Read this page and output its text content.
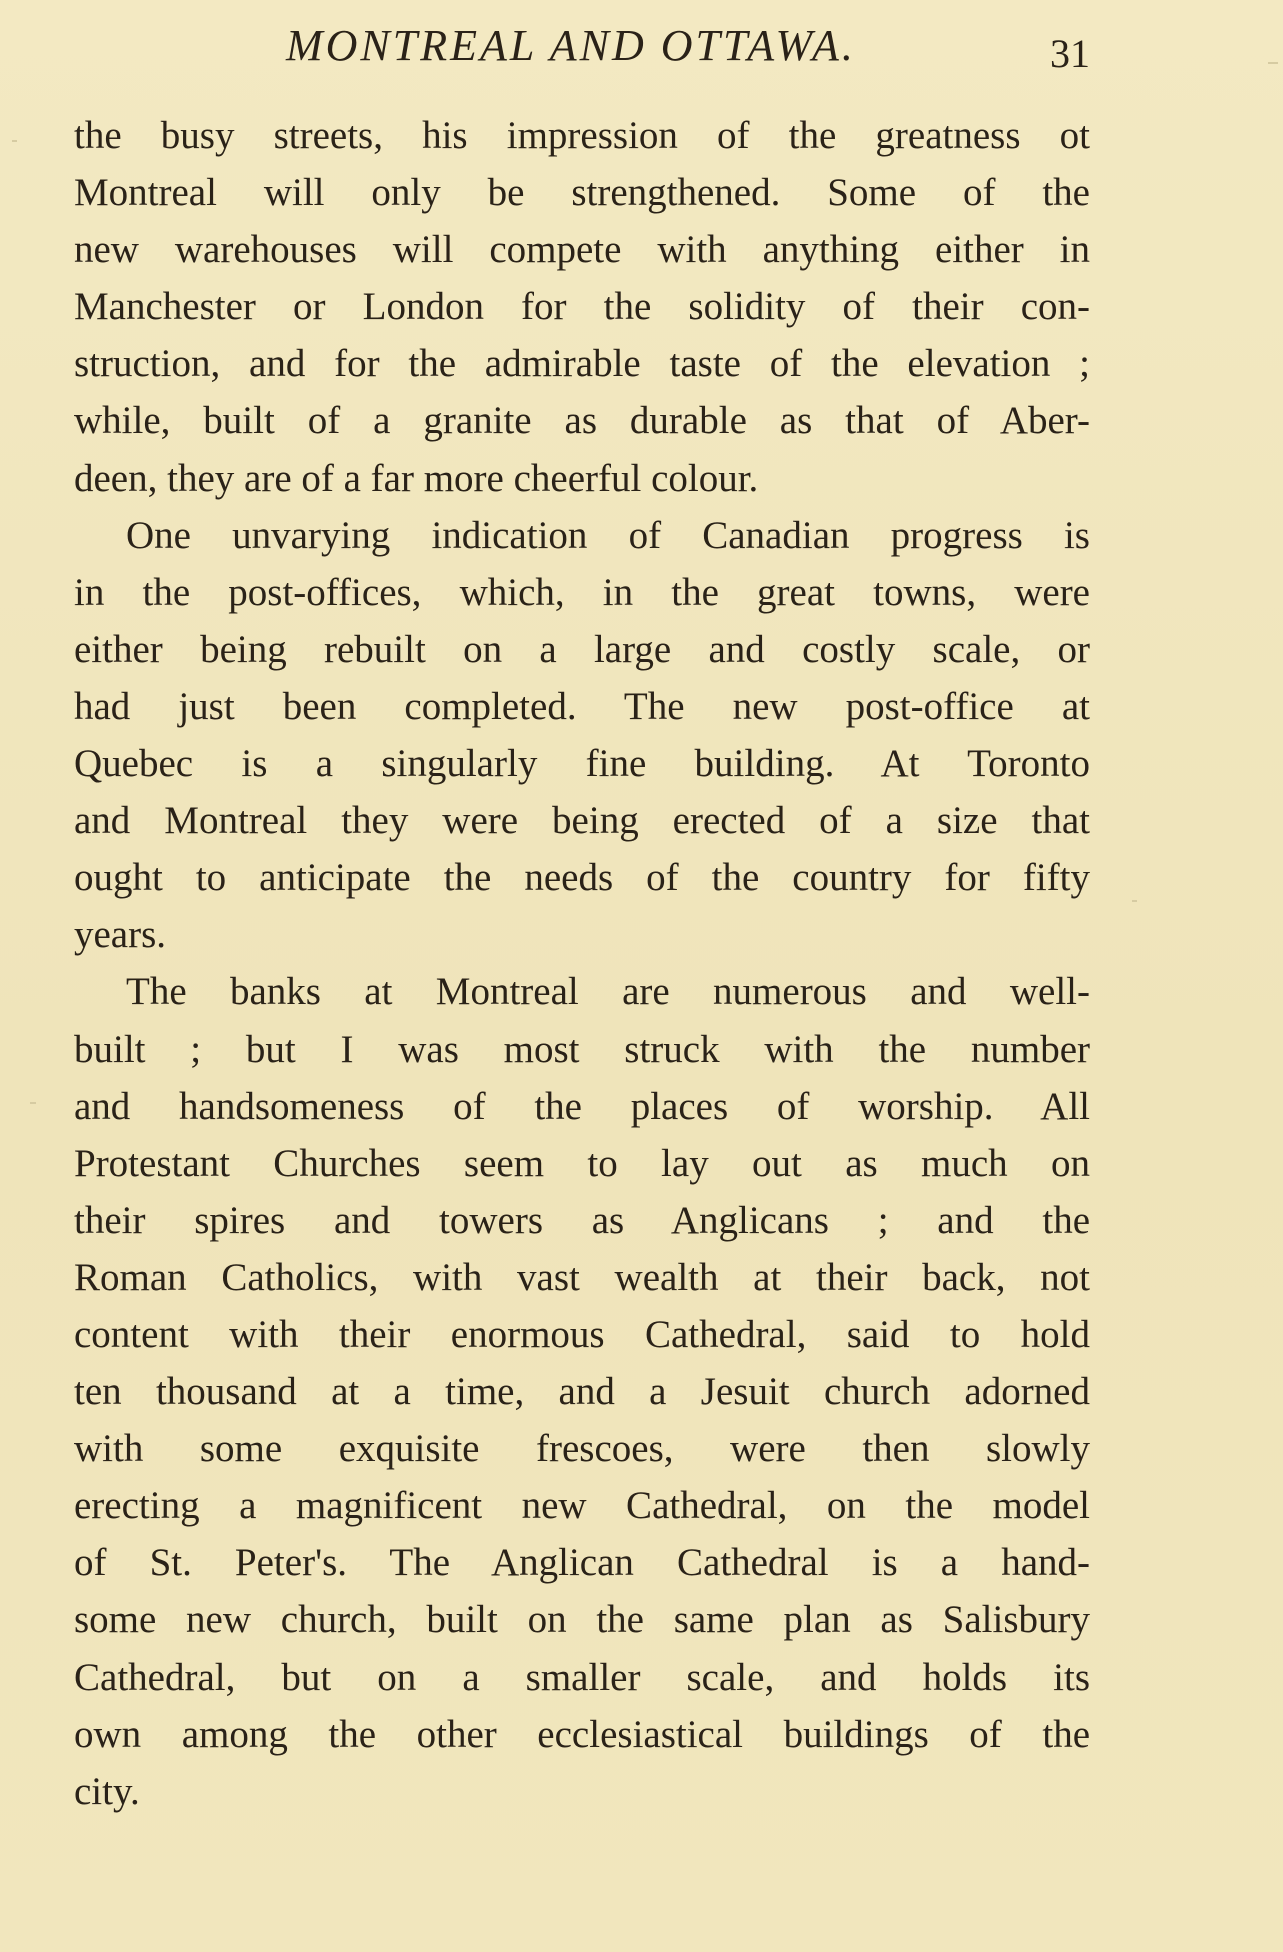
MONTREAL AND OTTAWA.	31
the busy streets, his impression of the greatness ot
Montreal will only be strengthened. Some of the
new warehouses will compete with anything either in
Manchester or London for the solidity of their con-
struction, and for the admirable taste of the elevation ;
while, built of a granite as durable as that of Aber-
deen, they are of a far more cheerful colour.
One unvarying indication of Canadian progress is
in the post-offices, which, in the great towns, were
either being rebuilt on a large and costly scale, or
had just been completed. The new post-office at
Quebec is a singularly fine building. At Toronto
and Montreal they were being erected of a size that
ought to anticipate the needs of the country for fifty
years.
The banks at Montreal are numerous and well-
built ; but I was most struck with the number
and handsomeness of the places of worship. All
Protestant Churches seem to lay out as much on
their spires and towers as Anglicans ; and the
Roman Catholics, with vast wealth at their back, not
content with their enormous Cathedral, said to hold
ten thousand at a time, and a Jesuit church adorned
with some exquisite frescoes, were then slowly
erecting a magnificent new Cathedral, on the model
of St. Peter's. The Anglican Cathedral is a hand-
some new church, built on the same plan as Salisbury
Cathedral, but on a smaller scale, and holds its
own among the other ecclesiastical buildings of the
city.
